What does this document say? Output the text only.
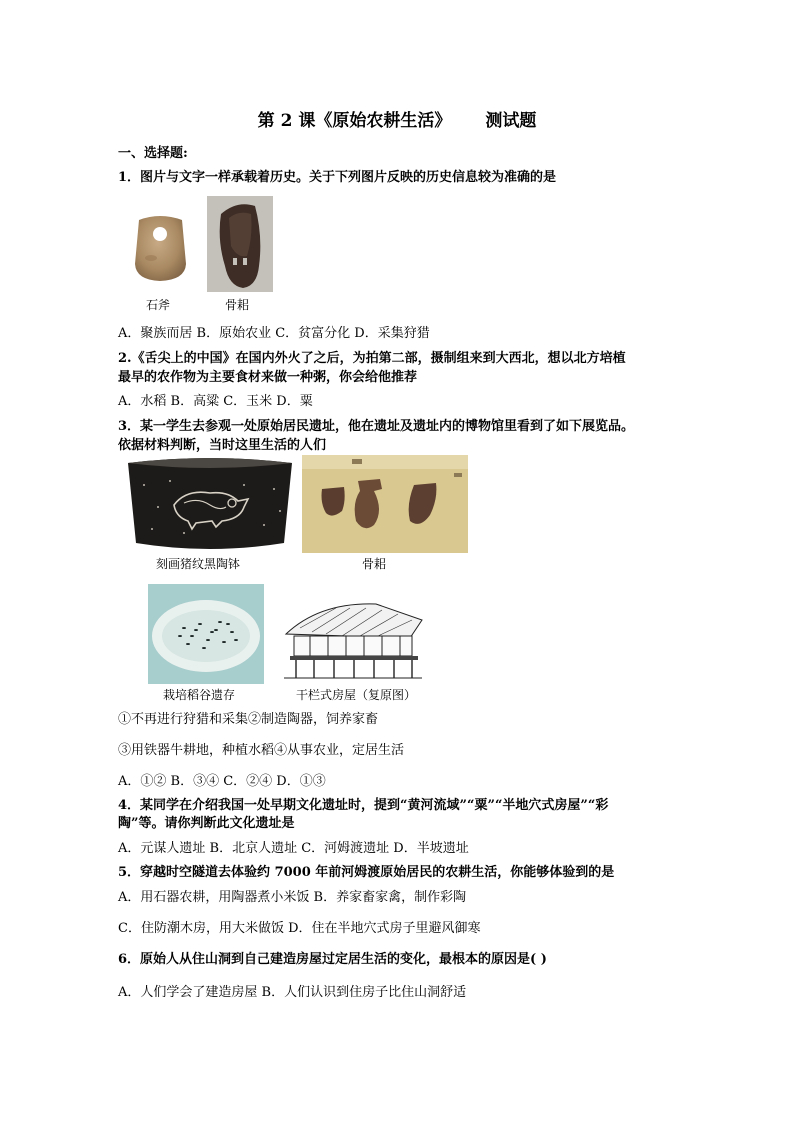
第 2 课《原始农耕生活》 测试题
一、选择题:
1．图片与文字一样承载着历史。关于下列图片反映的历史信息较为准确的是
石斧	骨耜
A．聚族而居 B．原始农业 C．贫富分化 D．采集狩猎
2.《舌尖上的中国》在国内外火了之后，为拍第二部，摄制组来到大西北，想以北方培植
最早的农作物为主要食材来做一种粥，你会给他推荐
A．水稻 B．高粱 C．玉米 D．粟
3．某一学生去参观一处原始居民遗址，他在遗址及遗址内的博物馆里看到了如下展览品。
依据材料判断，当时这里生活的人们
刻画猪纹黑陶钵	骨耜
栽培稻谷遗存	干栏式房屋（复原图）
①不再进行狩猎和采集②制造陶器，饲养家畜
③用铁器牛耕地，种植水稻④从事农业，定居生活
A．①② B．③④ C．②④ D．①③
4．某同学在介绍我国一处早期文化遗址时，提到“黄河流域”“粟”“半地穴式房屋”“彩
陶”等。请你判断此文化遗址是
A．元谋人遗址 B．北京人遗址 C．河姆渡遗址 D．半坡遗址
5．穿越时空隧道去体验约 7000 年前河姆渡原始居民的农耕生活，你能够体验到的是
A．用石器农耕，用陶器煮小米饭 B．养家畜家禽，制作彩陶
C．住防潮木房，用大米做饭 D．住在半地穴式房子里避风御寒
6．原始人从住山洞到自己建造房屋过定居生活的变化，最根本的原因是( )
A．人们学会了建造房屋 B．人们认识到住房子比住山洞舒适
